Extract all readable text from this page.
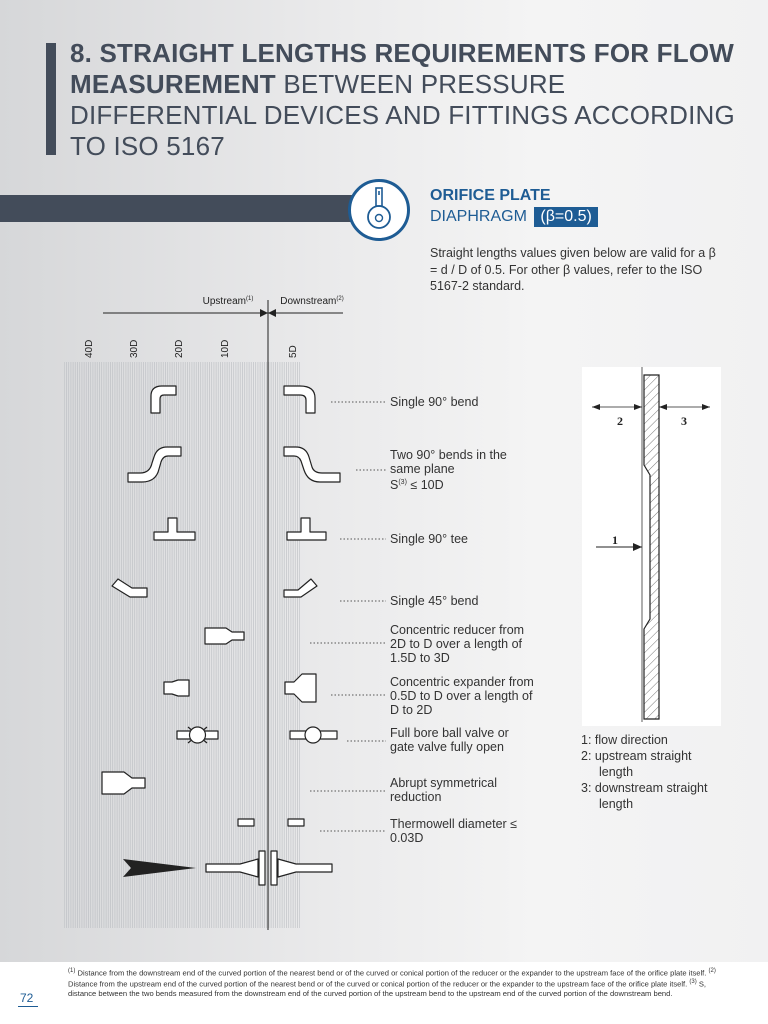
8. STRAIGHT LENGTHS REQUIREMENTS FOR FLOW MEASUREMENT BETWEEN PRESSURE DIFFERENTIAL DEVICES AND FITTINGS ACCORDING TO ISO 5167
ORIFICE PLATE
DIAPHRAGM (β=0.5)
Straight lengths values given below are valid for a β = d / D of 0.5. For other β values, refer to the ISO 5167-2 standard.
Upstream$^{(1)}$	Downstream$^{(2)}$
40D	30D	20D	10D	5D
Single 90° bend
Two 90° bends in the same plane
$S^{(3)} \le 10D$
Single 90° tee
Single 45° bend
Concentric reducer from 2D to D over a length of 1.5D to 3D
Concentric expander from 0.5D to D over a length of D to 2D
Full bore ball valve or gate valve fully open
Abrupt symmetrical reduction
Thermowell diameter ≤ 0.03D
2	3
1
1: flow direction
2: upstream straight
length
3: downstream straight
length
$^{(1)}$ Distance from the downstream end of the curved portion of the nearest bend or of the curved or conical portion of the reducer or the expander to the upstream face of the orifice plate itself. $^{(2)}$ Distance from the upstream end of the curved portion of the nearest bend or of the curved or conical portion of the reducer or the expander to the upstream face of the orifice plate itself. $^{(3)}$ S, distance between the two bends measured from the downstream end of the curved portion of the upstream bend to the upstream end of the curved portion of the downstream bend.
72
